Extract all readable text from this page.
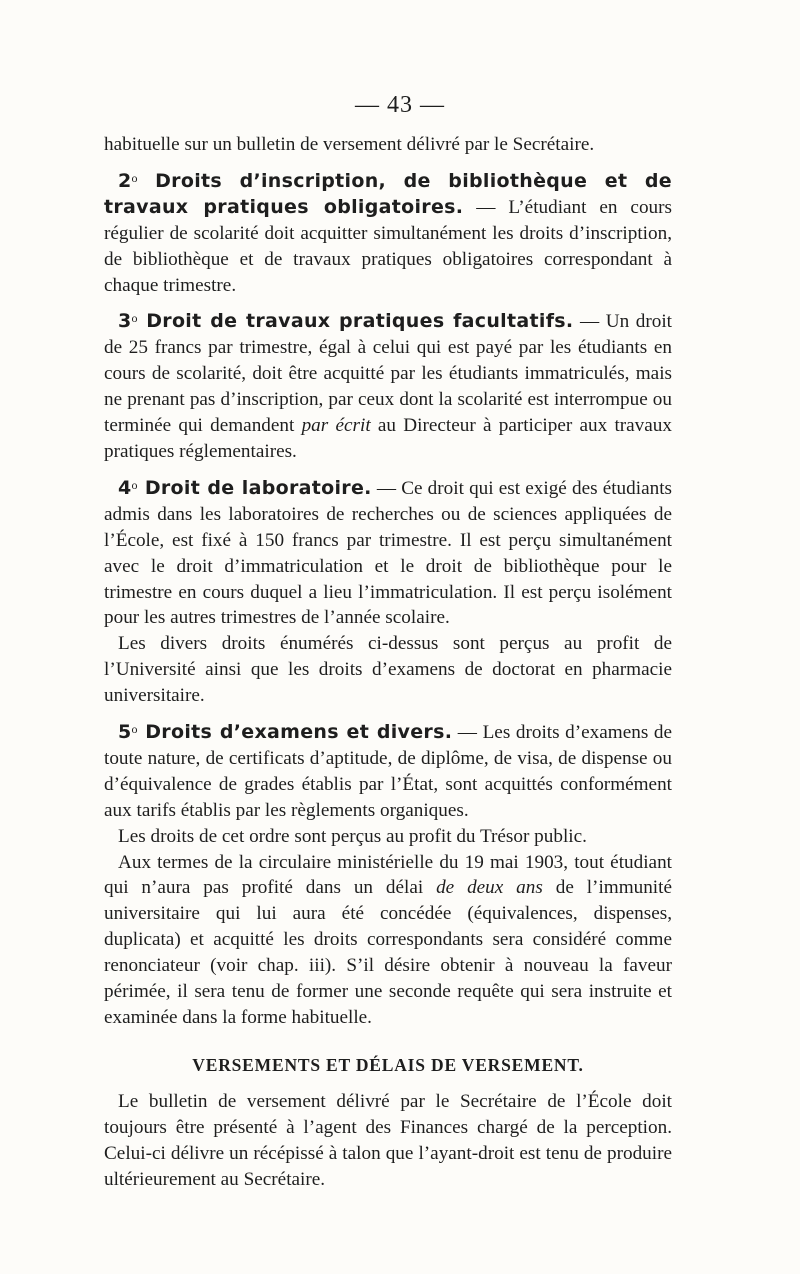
— 43 —

habituelle sur un bulletin de versement délivré par le Secrétaire.

2$^o$ Droits d’inscription, de bibliothèque et de travaux pratiques obligatoires. — L’étudiant en cours régulier de scolarité doit acquitter simultanément les droits d’inscription, de bibliothèque et de travaux pratiques obligatoires correspondant à chaque trimestre.

3$^o$ Droit de travaux pratiques facultatifs. — Un droit de 25 francs par trimestre, égal à celui qui est payé par les étudiants en cours de scolarité, doit être acquitté par les étudiants immatriculés, mais ne prenant pas d’inscription, par ceux dont la scolarité est interrompue ou terminée qui demandent par écrit au Directeur à participer aux travaux pratiques réglementaires.

4$^o$ Droit de laboratoire. — Ce droit qui est exigé des étudiants admis dans les laboratoires de recherches ou de sciences appliquées de l’École, est fixé à 150 francs par trimestre. Il est perçu simultanément avec le droit d’immatriculation et le droit de bibliothèque pour le trimestre en cours duquel a lieu l’immatriculation. Il est perçu isolément pour les autres trimestres de l’année scolaire.

Les divers droits énumérés ci-dessus sont perçus au profit de l’Université ainsi que les droits d’examens de doctorat en pharmacie universitaire.

5$^o$ Droits d’examens et divers. — Les droits d’examens de toute nature, de certificats d’aptitude, de diplôme, de visa, de dispense ou d’équivalence de grades établis par l’État, sont acquittés conformément aux tarifs établis par les règlements organiques.

Les droits de cet ordre sont perçus au profit du Trésor public.

Aux termes de la circulaire ministérielle du 19 mai 1903, tout étudiant qui n’aura pas profité dans un délai de deux ans de l’immunité universitaire qui lui aura été concédée (équivalences, dispenses, duplicata) et acquitté les droits correspondants sera considéré comme renonciateur (voir chap. iii). S’il désire obtenir à nouveau la faveur périmée, il sera tenu de former une seconde requête qui sera instruite et examinée dans la forme habituelle.

VERSEMENTS ET DÉLAIS DE VERSEMENT.

Le bulletin de versement délivré par le Secrétaire de l’École doit toujours être présenté à l’agent des Finances chargé de la perception. Celui-ci délivre un récépissé à talon que l’ayant-droit est tenu de produire ultérieurement au Secrétaire.
